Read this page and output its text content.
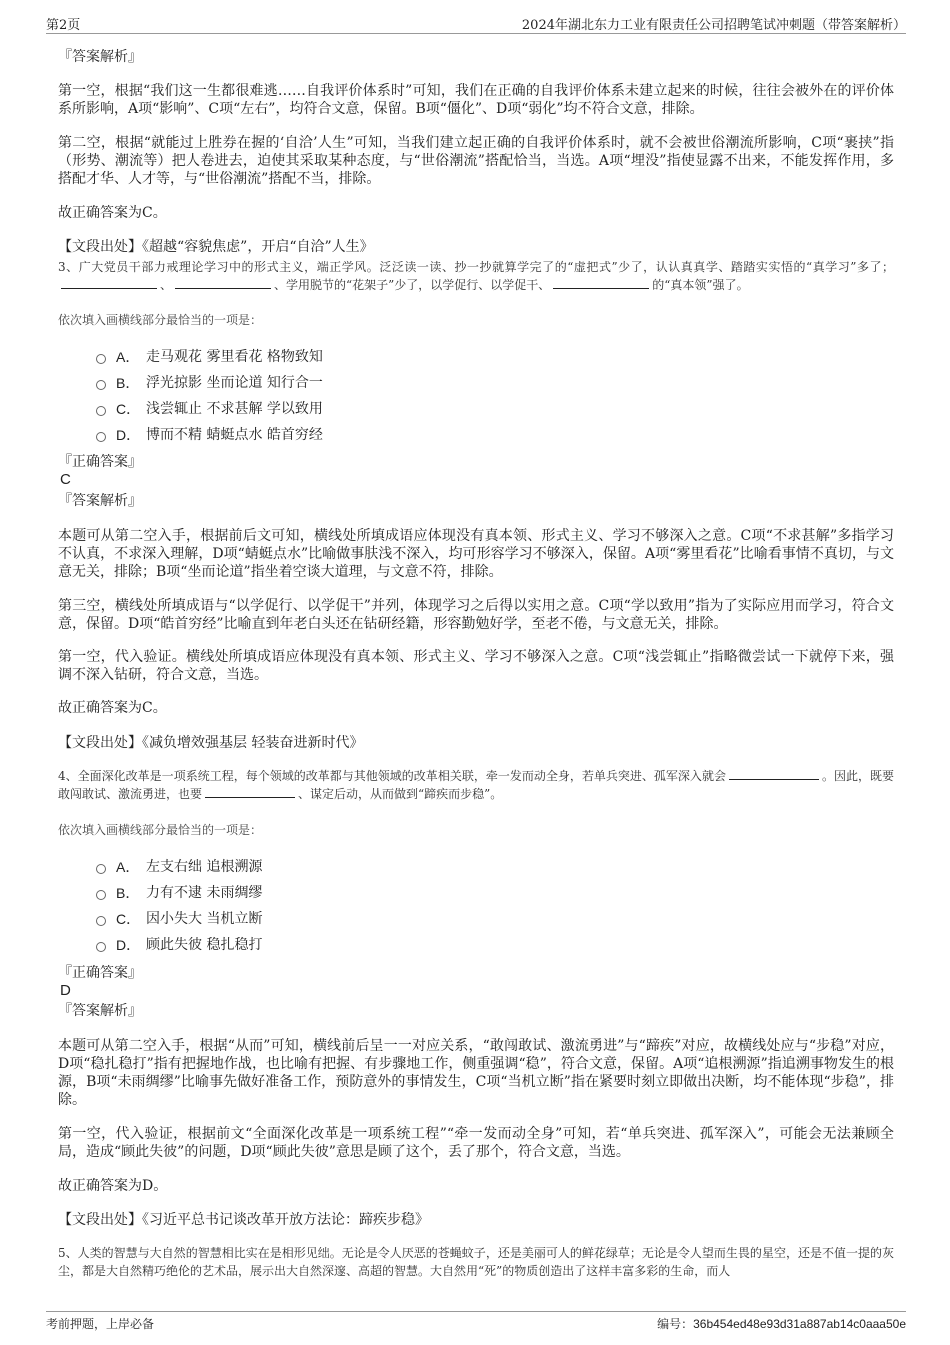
第2页	2024年湖北东力工业有限责任公司招聘笔试冲刺题（带答案解析）
『答案解析』
第一空，根据“我们这一生都很难逃……自我评价体系时”可知，我们在正确的自我评价体系未建立起来的时候，往往会被外在的评价体系所影响，A项“影响”、C项“左右”，均符合文意，保留。B项“僵化”、D项“弱化”均不符合文意，排除。
第二空，根据“就能过上胜券在握的‘自洽’人生”可知，当我们建立起正确的自我评价体系时，就不会被世俗潮流所影响，C项“裹挟”指（形势、潮流等）把人卷进去，迫使其采取某种态度，与“世俗潮流”搭配恰当，当选。A项“埋没”指使显露不出来，不能发挥作用，多搭配才华、人才等，与“世俗潮流”搭配不当，排除。
故正确答案为C。
【文段出处】《超越“容貌焦虑”，开启“自洽”人生》
3、广大党员干部力戒理论学习中的形式主义，端正学风。泛泛读一读、抄一抄就算学完了的“虚把式”少了，认认真真学、踏踏实实悟的“真学习”多了；、	、学用脱节的“花架子”少了，以学促行、以学促干、	的“真本领”强了。
依次填入画横线部分最恰当的一项是：
A． 走马观花 雾里看花 格物致知
B． 浮光掠影 坐而论道 知行合一
C． 浅尝辄止 不求甚解 学以致用
D． 博而不精 蜻蜓点水 皓首穷经
『正确答案』
C
『答案解析』
本题可从第二空入手，根据前后文可知，横线处所填成语应体现没有真本领、形式主义、学习不够深入之意。C项“不求甚解”多指学习不认真，不求深入理解，D项“蜻蜓点水”比喻做事肤浅不深入，均可形容学习不够深入，保留。A项“雾里看花”比喻看事情不真切，与文意无关，排除；B项“坐而论道”指坐着空谈大道理，与文意不符，排除。
第三空，横线处所填成语与“以学促行、以学促干”并列，体现学习之后得以实用之意。C项“学以致用”指为了实际应用而学习，符合文意，保留。D项“皓首穷经”比喻直到年老白头还在钻研经籍，形容勤勉好学，至老不倦，与文意无关，排除。
第一空，代入验证。横线处所填成语应体现没有真本领、形式主义、学习不够深入之意。C项“浅尝辄止”指略微尝试一下就停下来，强调不深入钻研，符合文意，当选。
故正确答案为C。
【文段出处】《减负增效强基层 轻装奋进新时代》
4、全面深化改革是一项系统工程，每个领域的改革都与其他领域的改革相关联，牵一发而动全身，若单兵突进、孤军深入就会	。因此，既要敢闯敢试、激流勇进，也要	、谋定后动，从而做到“蹄疾而步稳”。
依次填入画横线部分最恰当的一项是：
A． 左支右绌 追根溯源
B． 力有不逮 未雨绸缪
C． 因小失大 当机立断
D． 顾此失彼 稳扎稳打
『正确答案』
D
『答案解析』
本题可从第二空入手，根据“从而”可知，横线前后呈一一对应关系，“敢闯敢试、激流勇进”与“蹄疾”对应，故横线处应与“步稳”对应，D项“稳扎稳打”指有把握地作战，也比喻有把握、有步骤地工作，侧重强调“稳”，符合文意，保留。A项“追根溯源”指追溯事物发生的根源，B项“未雨绸缪”比喻事先做好准备工作，预防意外的事情发生，C项“当机立断”指在紧要时刻立即做出决断，均不能体现“步稳”，排除。
第一空，代入验证，根据前文“全面深化改革是一项系统工程”“牵一发而动全身”可知，若“单兵突进、孤军深入”，可能会无法兼顾全局，造成“顾此失彼”的问题，D项“顾此失彼”意思是顾了这个，丢了那个，符合文意，当选。
故正确答案为D。
【文段出处】《习近平总书记谈改革开放方法论：蹄疾步稳》
5、人类的智慧与大自然的智慧相比实在是相形见绌。无论是令人厌恶的苍蝇蚊子，还是美丽可人的鲜花绿草；无论是令人望而生畏的星空，还是不值一提的灰尘，都是大自然精巧绝伦的艺术品，展示出大自然深邃、高超的智慧。大自然用“死”的物质创造出了这样丰富多彩的生命，而人
考前押题，上岸必备	编号：36b454ed48e93d31a887ab14c0aaa50e
